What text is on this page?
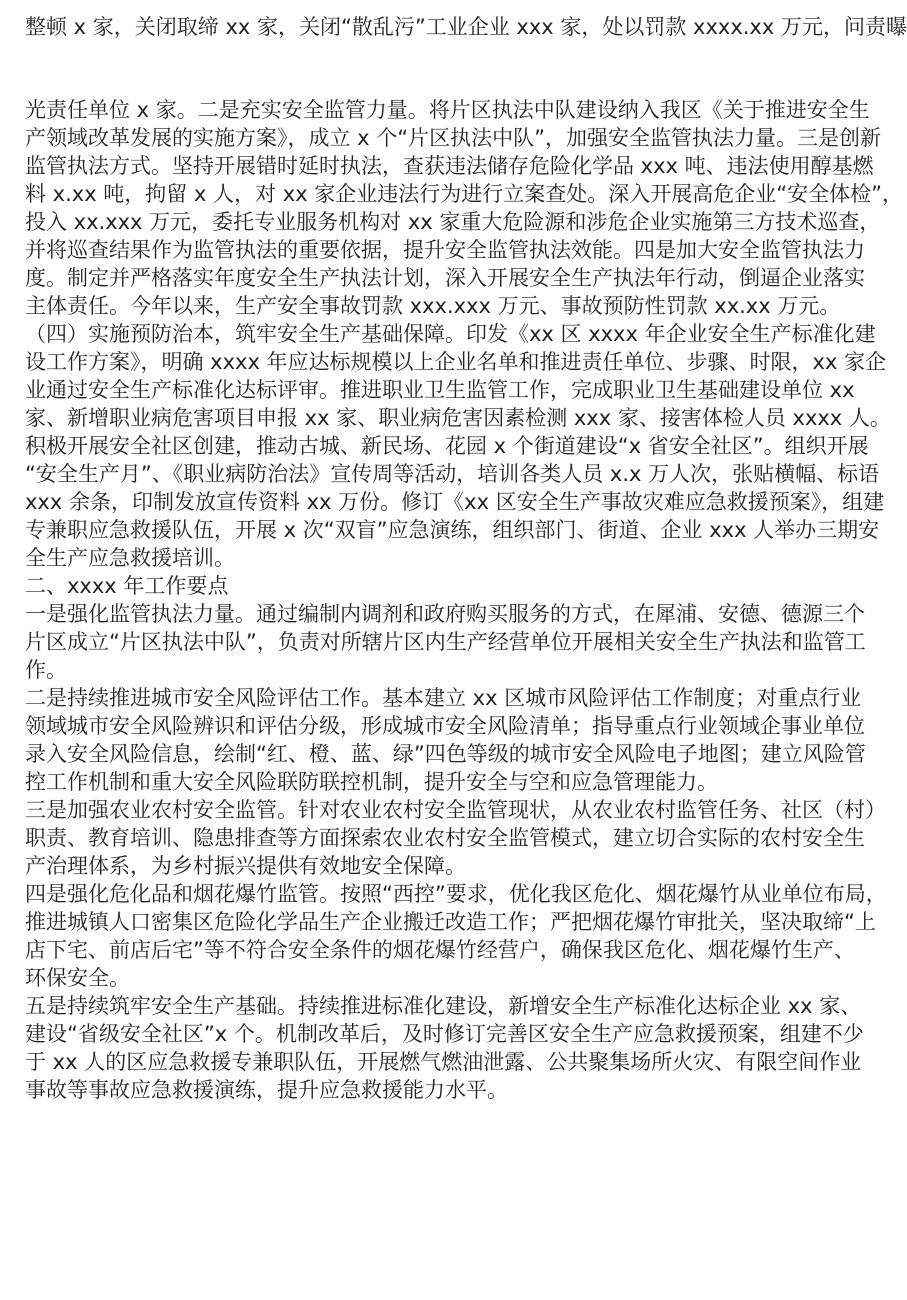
整顿 x 家，关闭取缔 xx 家，关闭“散乱污”工业企业 xxx 家，处以罚款 xxxx.xx 万元，问责曝
光责任单位 x 家。二是充实安全监管力量。将片区执法中队建设纳入我区《关于推进安全生
产领域改革发展的实施方案》，成立 x 个“片区执法中队”，加强安全监管执法力量。三是创新
监管执法方式。坚持开展错时延时执法，查获违法储存危险化学品 xxx 吨、违法使用醇基燃
料 x.xx 吨，拘留 x 人，对 xx 家企业违法行为进行立案查处。深入开展高危企业“安全体检”，
投入 xx.xxx 万元，委托专业服务机构对 xx 家重大危险源和涉危企业实施第三方技术巡查，
并将巡查结果作为监管执法的重要依据，提升安全监管执法效能。四是加大安全监管执法力
度。制定并严格落实年度安全生产执法计划，深入开展安全生产执法年行动，倒逼企业落实
主体责任。今年以来，生产安全事故罚款 xxx.xxx 万元、事故预防性罚款 xx.xx 万元。
（四）实施预防治本，筑牢安全生产基础保障。印发《xx 区 xxxx 年企业安全生产标准化建
设工作方案》，明确 xxxx 年应达标规模以上企业名单和推进责任单位、步骤、时限，xx 家企
业通过安全生产标准化达标评审。推进职业卫生监管工作，完成职业卫生基础建设单位 xx
家、新增职业病危害项目申报 xx 家、职业病危害因素检测 xxx 家、接害体检人员 xxxx 人。
积极开展安全社区创建，推动古城、新民场、花园 x 个街道建设“x 省安全社区”。组织开展
“安全生产月”、《职业病防治法》宣传周等活动，培训各类人员 x.x 万人次，张贴横幅、标语
xxx 余条，印制发放宣传资料 xx 万份。修订《xx 区安全生产事故灾难应急救援预案》，组建
专兼职应急救援队伍，开展 x 次“双盲”应急演练，组织部门、街道、企业 xxx 人举办三期安
全生产应急救援培训。
二、xxxx 年工作要点
一是强化监管执法力量。通过编制内调剂和政府购买服务的方式，在犀浦、安德、德源三个
片区成立“片区执法中队”，负责对所辖片区内生产经营单位开展相关安全生产执法和监管工
作。
二是持续推进城市安全风险评估工作。基本建立 xx 区城市风险评估工作制度；对重点行业
领域城市安全风险辨识和评估分级，形成城市安全风险清单；指导重点行业领域企事业单位
录入安全风险信息，绘制“红、橙、蓝、绿”四色等级的城市安全风险电子地图；建立风险管
控工作机制和重大安全风险联防联控机制，提升安全与空和应急管理能力。
三是加强农业农村安全监管。针对农业农村安全监管现状，从农业农村监管任务、社区（村）
职责、教育培训、隐患排查等方面探索农业农村安全监管模式，建立切合实际的农村安全生
产治理体系，为乡村振兴提供有效地安全保障。
四是强化危化品和烟花爆竹监管。按照“西控”要求，优化我区危化、烟花爆竹从业单位布局，
推进城镇人口密集区危险化学品生产企业搬迁改造工作；严把烟花爆竹审批关，坚决取缔“上
店下宅、前店后宅”等不符合安全条件的烟花爆竹经营户，确保我区危化、烟花爆竹生产、
环保安全。
五是持续筑牢安全生产基础。持续推进标准化建设，新增安全生产标准化达标企业 xx 家、
建设“省级安全社区”x 个。机制改革后，及时修订完善区安全生产应急救援预案，组建不少
于 xx 人的区应急救援专兼职队伍，开展燃气燃油泄露、公共聚集场所火灾、有限空间作业
事故等事故应急救援演练，提升应急救援能力水平。
